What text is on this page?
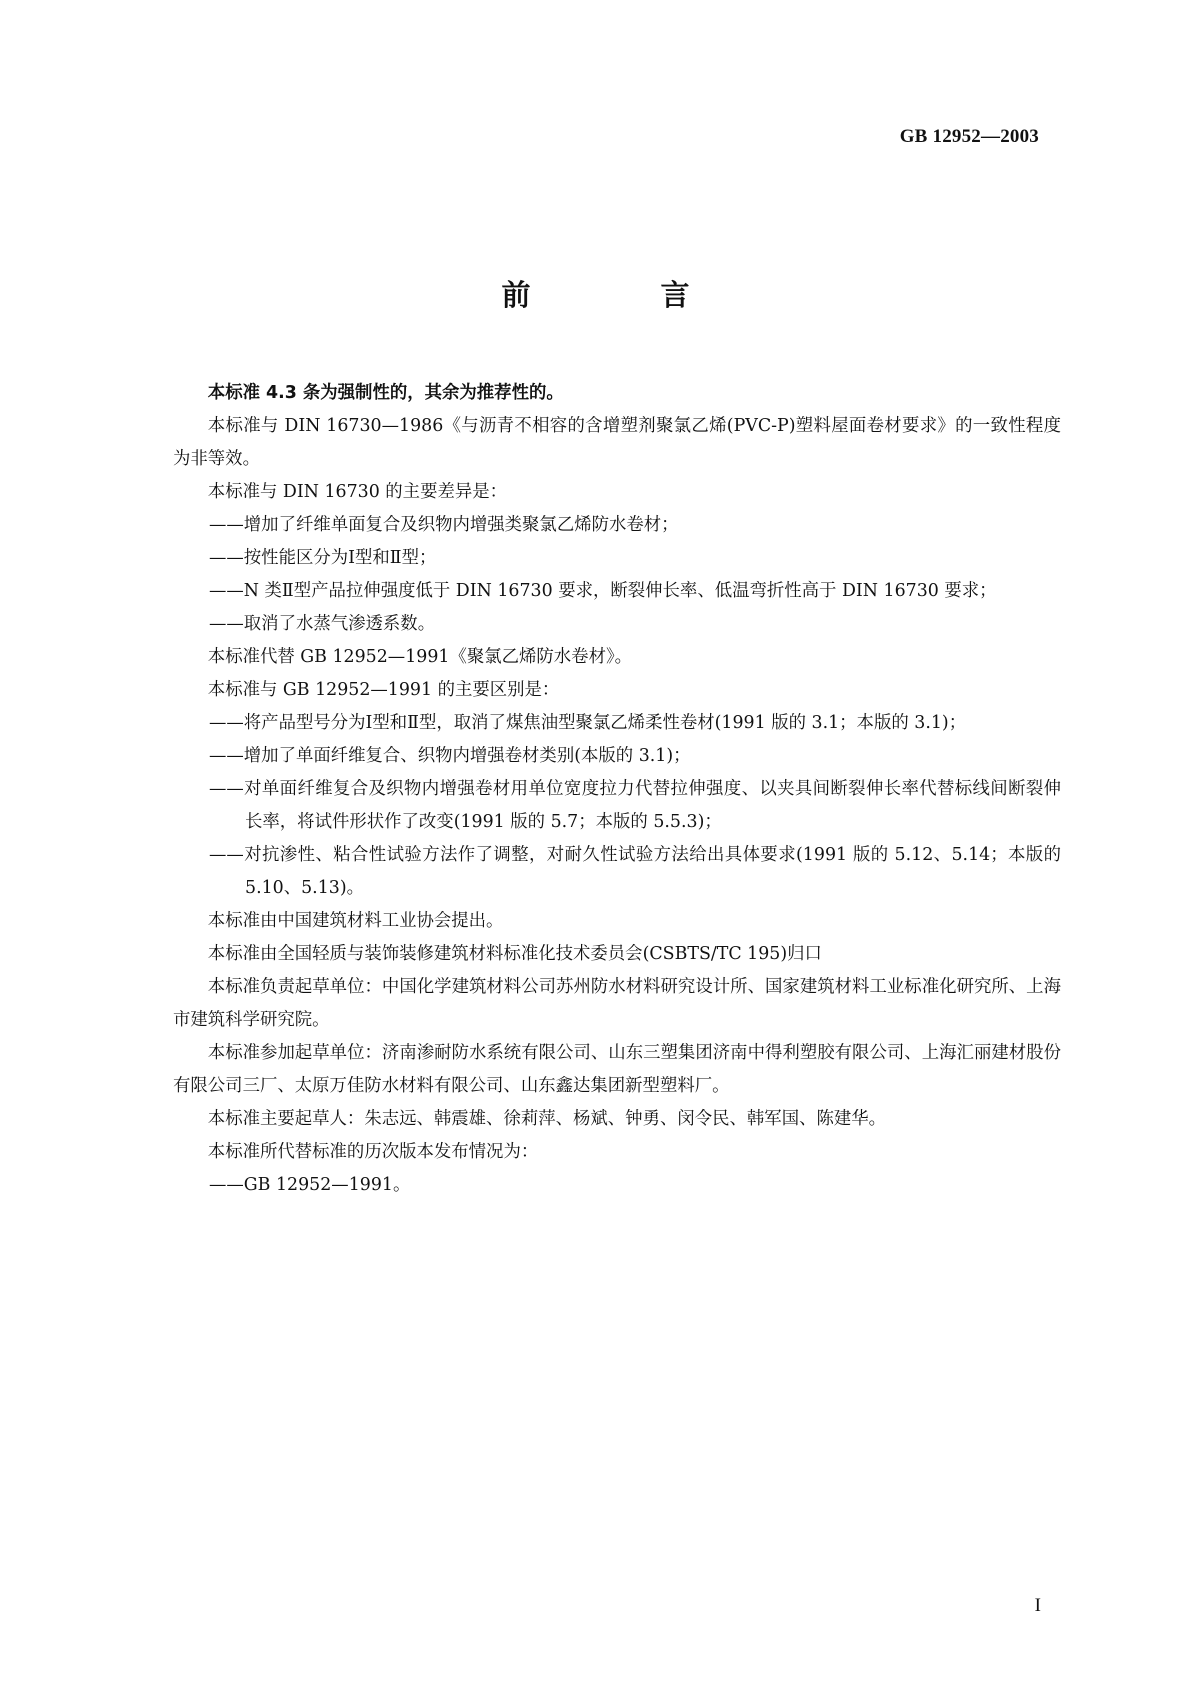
GB 12952—2003
前 言

本标准 4.3 条为强制性的，其余为推荐性的。

本标准与 DIN 16730—1986《与沥青不相容的含增塑剂聚氯乙烯(PVC-P)塑料屋面卷材要求》的一致性程度为非等效。

本标准与 DIN 16730 的主要差异是：

——增加了纤维单面复合及织物内增强类聚氯乙烯防水卷材；

——按性能区分为Ⅰ型和Ⅱ型；

——N 类Ⅱ型产品拉伸强度低于 DIN 16730 要求，断裂伸长率、低温弯折性高于 DIN 16730 要求；

——取消了水蒸气渗透系数。

本标准代替 GB 12952—1991《聚氯乙烯防水卷材》。

本标准与 GB 12952—1991 的主要区别是：

——将产品型号分为Ⅰ型和Ⅱ型，取消了煤焦油型聚氯乙烯柔性卷材(1991 版的 3.1；本版的 3.1)；

——增加了单面纤维复合、织物内增强卷材类别(本版的 3.1)；

——对单面纤维复合及织物内增强卷材用单位宽度拉力代替拉伸强度、以夹具间断裂伸长率代替标线间断裂伸长率，将试件形状作了改变(1991 版的 5.7；本版的 5.5.3)；

——对抗渗性、粘合性试验方法作了调整，对耐久性试验方法给出具体要求(1991 版的 5.12、5.14；本版的 5.10、5.13)。

本标准由中国建筑材料工业协会提出。

本标准由全国轻质与装饰装修建筑材料标准化技术委员会(CSBTS/TC 195)归口

本标准负责起草单位：中国化学建筑材料公司苏州防水材料研究设计所、国家建筑材料工业标准化研究所、上海市建筑科学研究院。

本标准参加起草单位：济南渗耐防水系统有限公司、山东三塑集团济南中得利塑胶有限公司、上海汇丽建材股份有限公司三厂、太原万佳防水材料有限公司、山东鑫达集团新型塑料厂。

本标准主要起草人：朱志远、韩震雄、徐莉萍、杨斌、钟勇、闵令民、韩军国、陈建华。

本标准所代替标准的历次版本发布情况为：

——GB 12952—1991。

I
